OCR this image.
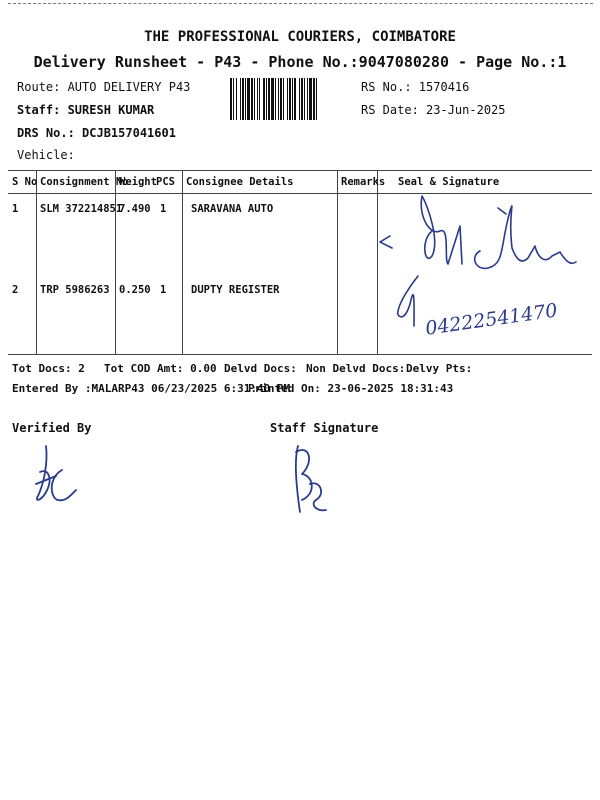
THE PROFESSIONAL COURIERS, COIMBATORE
Delivery Runsheet - P43 - Phone No.:9047080280 - Page No.:1
Route: AUTO DELIVERY P43
Staff: SURESH KUMAR
DRS No.: DCJB157041601
Vehicle:
RS No.: 1570416
RS Date: 23-Jun-2025
S No Consignment No
Weight PCS Consignee Details	Remarks Seal & Signature
1 SLM 372214851
7.490 1 SARAVANA AUTO
2 TRP 5986263 0.250 1 DUPTY REGISTER
04222541470
Tot Docs: 2 Tot COD Amt: 0.00 Delvd Docs: Non Delvd Docs: Delvy Pts:
Entered By :MALARP43 06/23/2025 6:31:40 PM
Printed On: 23-06-2025 18:31:43
Verified By	Staff Signature
